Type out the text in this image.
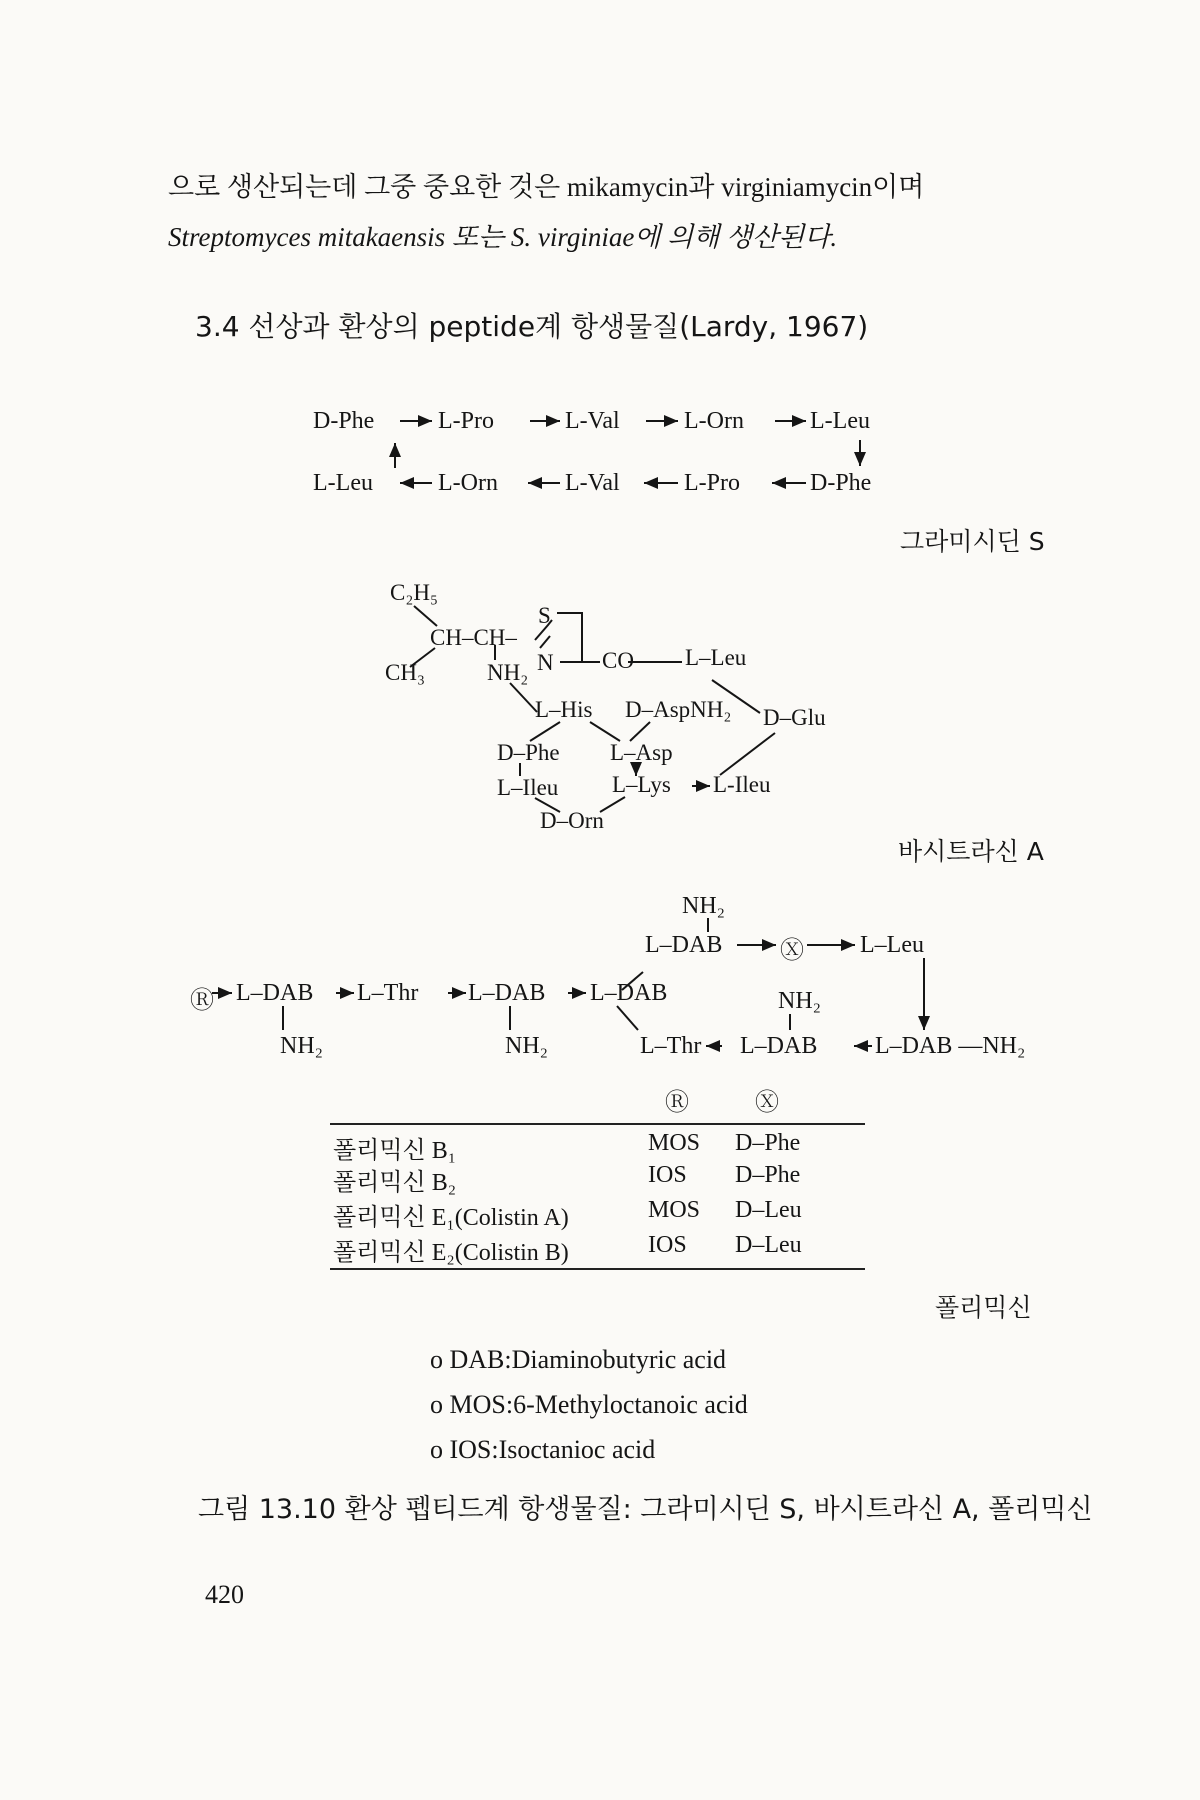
으로 생산되는데 그중 중요한 것은 mikamycin과 virginiamycin이며
Streptomyces mitakaensis 또는 S. virginiae에 의해 생산된다.
3.4 선상과 환상의 peptide계 항생물질(Lardy, 1967)
D-Phe	L-Pro	L-Val	L-Orn	L-Leu
L-Leu	L-Orn	L-Val	L-Pro	D-Phe
그라미시딘 S
C₂H₅
S
CH–CH–
CH₃	NH₂ N CO L–Leu
L–His D–AspNH₂ D–Glu
D–Phe L–Asp
L–Ileu L–Lys L-Ileu
D–Orn
바시트라신 A
NH₂
L–DAB Ⓧ L–Leu
Ⓡ L–DAB L–Thr L–DAB L–DAB	NH₂
NH₂	NH₂	L–Thr L–DAB L–DAB —NH₂
Ⓡ	Ⓧ
폴리믹신 B₁	MOS D–Phe
폴리믹신 B₂	IOS D–Phe
폴리믹신 E₁(Colistin A)	MOS D–Leu
폴리믹신 E₂(Colistin B)	IOS D–Leu
폴리믹신
o DAB:Diaminobutyric acid
o MOS:6-Methyloctanoic acid
o IOS:Isoctanioc acid
그림 13.10 환상 펩티드계 항생물질: 그라미시딘 S, 바시트라신 A, 폴리믹신
420
